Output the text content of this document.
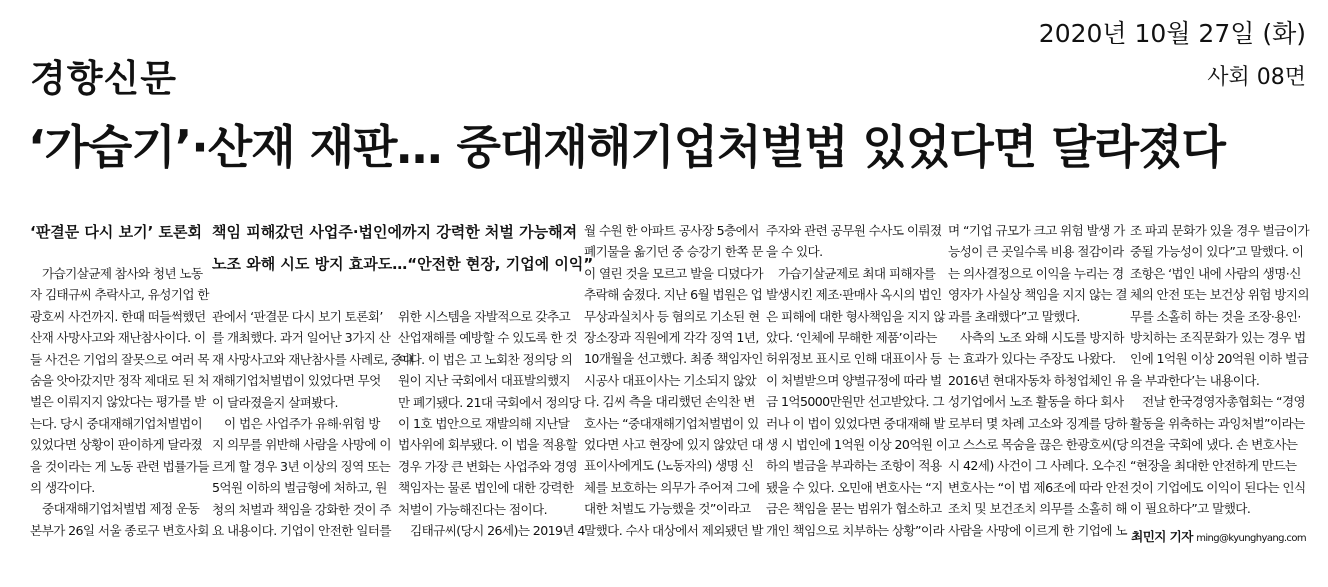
경향신문
2020년 10월 27일 (화)
사회 08면
‘가습기’·산재 재판… 중대재해기업처벌법 있었다면 달라졌다
‘판결문 다시 보기’ 토론회 책임 피해갔던 사업주·법인에까지 강력한 처벌 가능해져
노조 와해 시도 방지 효과도…“안전한 현장, 기업에 이익”

가습기살균제 참사와 청년 노동

자 김태규씨 추락사고, 유성기업 한

광호씨 사건까지. 한때 떠들썩했던

산재 사망사고와 재난참사이다. 이

들 사건은 기업의 잘못으로 여러 목

숨을 앗아갔지만 정작 제대로 된 처

벌은 이뤄지지 않았다는 평가를 받

는다. 당시 중대재해기업처벌법이

있었다면 상황이 판이하게 달라졌

을 것이라는 게 노동 관련 법률가들

의 생각이다.

중대재해기업처벌법 제정 운동

본부가 26일 서울 종로구 변호사회

관에서 ‘판결문 다시 보기 토론회’

를 개최했다. 과거 일어난 3가지 산

재 사망사고와 재난참사를 사례로, 중대

재해기업처벌법이 있었다면 무엇

이 달라졌을지 살펴봤다.

이 법은 사업주가 유해·위험 방

지 의무를 위반해 사람을 사망에 이

르게 할 경우 3년 이상의 징역 또는

5억원 이하의 벌금형에 처하고, 원

청의 처벌과 책임을 강화한 것이 주

요 내용이다. 기업이 안전한 일터를

위한 시스템을 자발적으로 갖추고

산업재해를 예방할 수 있도록 한 것

이다. 이 법은 고 노회찬 정의당 의

원이 지난 국회에서 대표발의했지

만 폐기됐다. 21대 국회에서 정의당

이 1호 법안으로 재발의해 지난달

법사위에 회부됐다. 이 법을 적용할

경우 가장 큰 변화는 사업주와 경영

책임자는 물론 법인에 대한 강력한

처벌이 가능해진다는 점이다.

김태규씨(당시 26세)는 2019년 4

월 수원 한 아파트 공사장 5층에서

폐기물을 옮기던 중 승강기 한쪽 문

이 열린 것을 모르고 발을 디뎠다가

추락해 숨졌다. 지난 6월 법원은 업

무상과실치사 등 혐의로 기소된 현

장소장과 직원에게 각각 징역 1년,

10개월을 선고했다. 최종 책임자인

시공사 대표이사는 기소되지 않았

다. 김씨 측을 대리했던 손익찬 변

호사는 “중대재해기업처벌법이 있

었다면 사고 현장에 있지 않았던 대

표이사에게도 (노동자의) 생명 신

체를 보호하는 의무가 주어져 그에

대한 처벌도 가능했을 것”이라고

말했다. 수사 대상에서 제외됐던 발

주자와 관련 공무원 수사도 이뤄졌

을 수 있다.

가습기살균제로 최대 피해자를

발생시킨 제조·판매사 옥시의 법인

은 피해에 대한 형사책임을 지지 않

았다. ‘인체에 무해한 제품’이라는

허위정보 표시로 인해 대표이사 등

이 처벌받으며 양벌규정에 따라 벌

금 1억5000만원만 선고받았다. 그

러나 이 법이 있었다면 중대재해 발

생 시 법인에 1억원 이상 20억원 이

하의 벌금을 부과하는 조항이 적용

됐을 수 있다. 오민애 변호사는 “지

금은 책임을 묻는 범위가 협소하고

개인 책임으로 치부하는 상황”이라

며 “기업 규모가 크고 위험 발생 가

능성이 큰 곳일수록 비용 절감이라

는 의사결정으로 이익을 누리는 경

영자가 사실상 책임을 지지 않는 결

과를 초래했다”고 말했다.

사측의 노조 와해 시도를 방지하

는 효과가 있다는 주장도 나왔다.

2016년 현대자동차 하청업체인 유

성기업에서 노조 활동을 하다 회사

로부터 몇 차례 고소와 징계를 당하

고 스스로 목숨을 끊은 한광호씨(당

시 42세) 사건이 그 사례다. 오수진

변호사는 “이 법 제6조에 따라 안전

조치 및 보건조치 의무를 소홀히 해

사람을 사망에 이르게 한 기업에 노

조 파괴 문화가 있을 경우 벌금이가

중될 가능성이 있다”고 말했다. 이

조항은 ‘법인 내에 사람의 생명·신

체의 안전 또는 보건상 위험 방지의

무를 소홀히 하는 것을 조장·용인·

방치하는 조직문화가 있는 경우 법

인에 1억원 이상 20억원 이하 벌금

을 부과한다’는 내용이다.

전날 한국경영자총협회는 “경영

활동을 위축하는 과잉처벌”이라는

의견을 국회에 냈다. 손 변호사는

“현장을 최대한 안전하게 만드는

것이 기업에도 이익이 된다는 인식

이 필요하다”고 말했다.

최민지 기자 ming@kyunghyang.com
